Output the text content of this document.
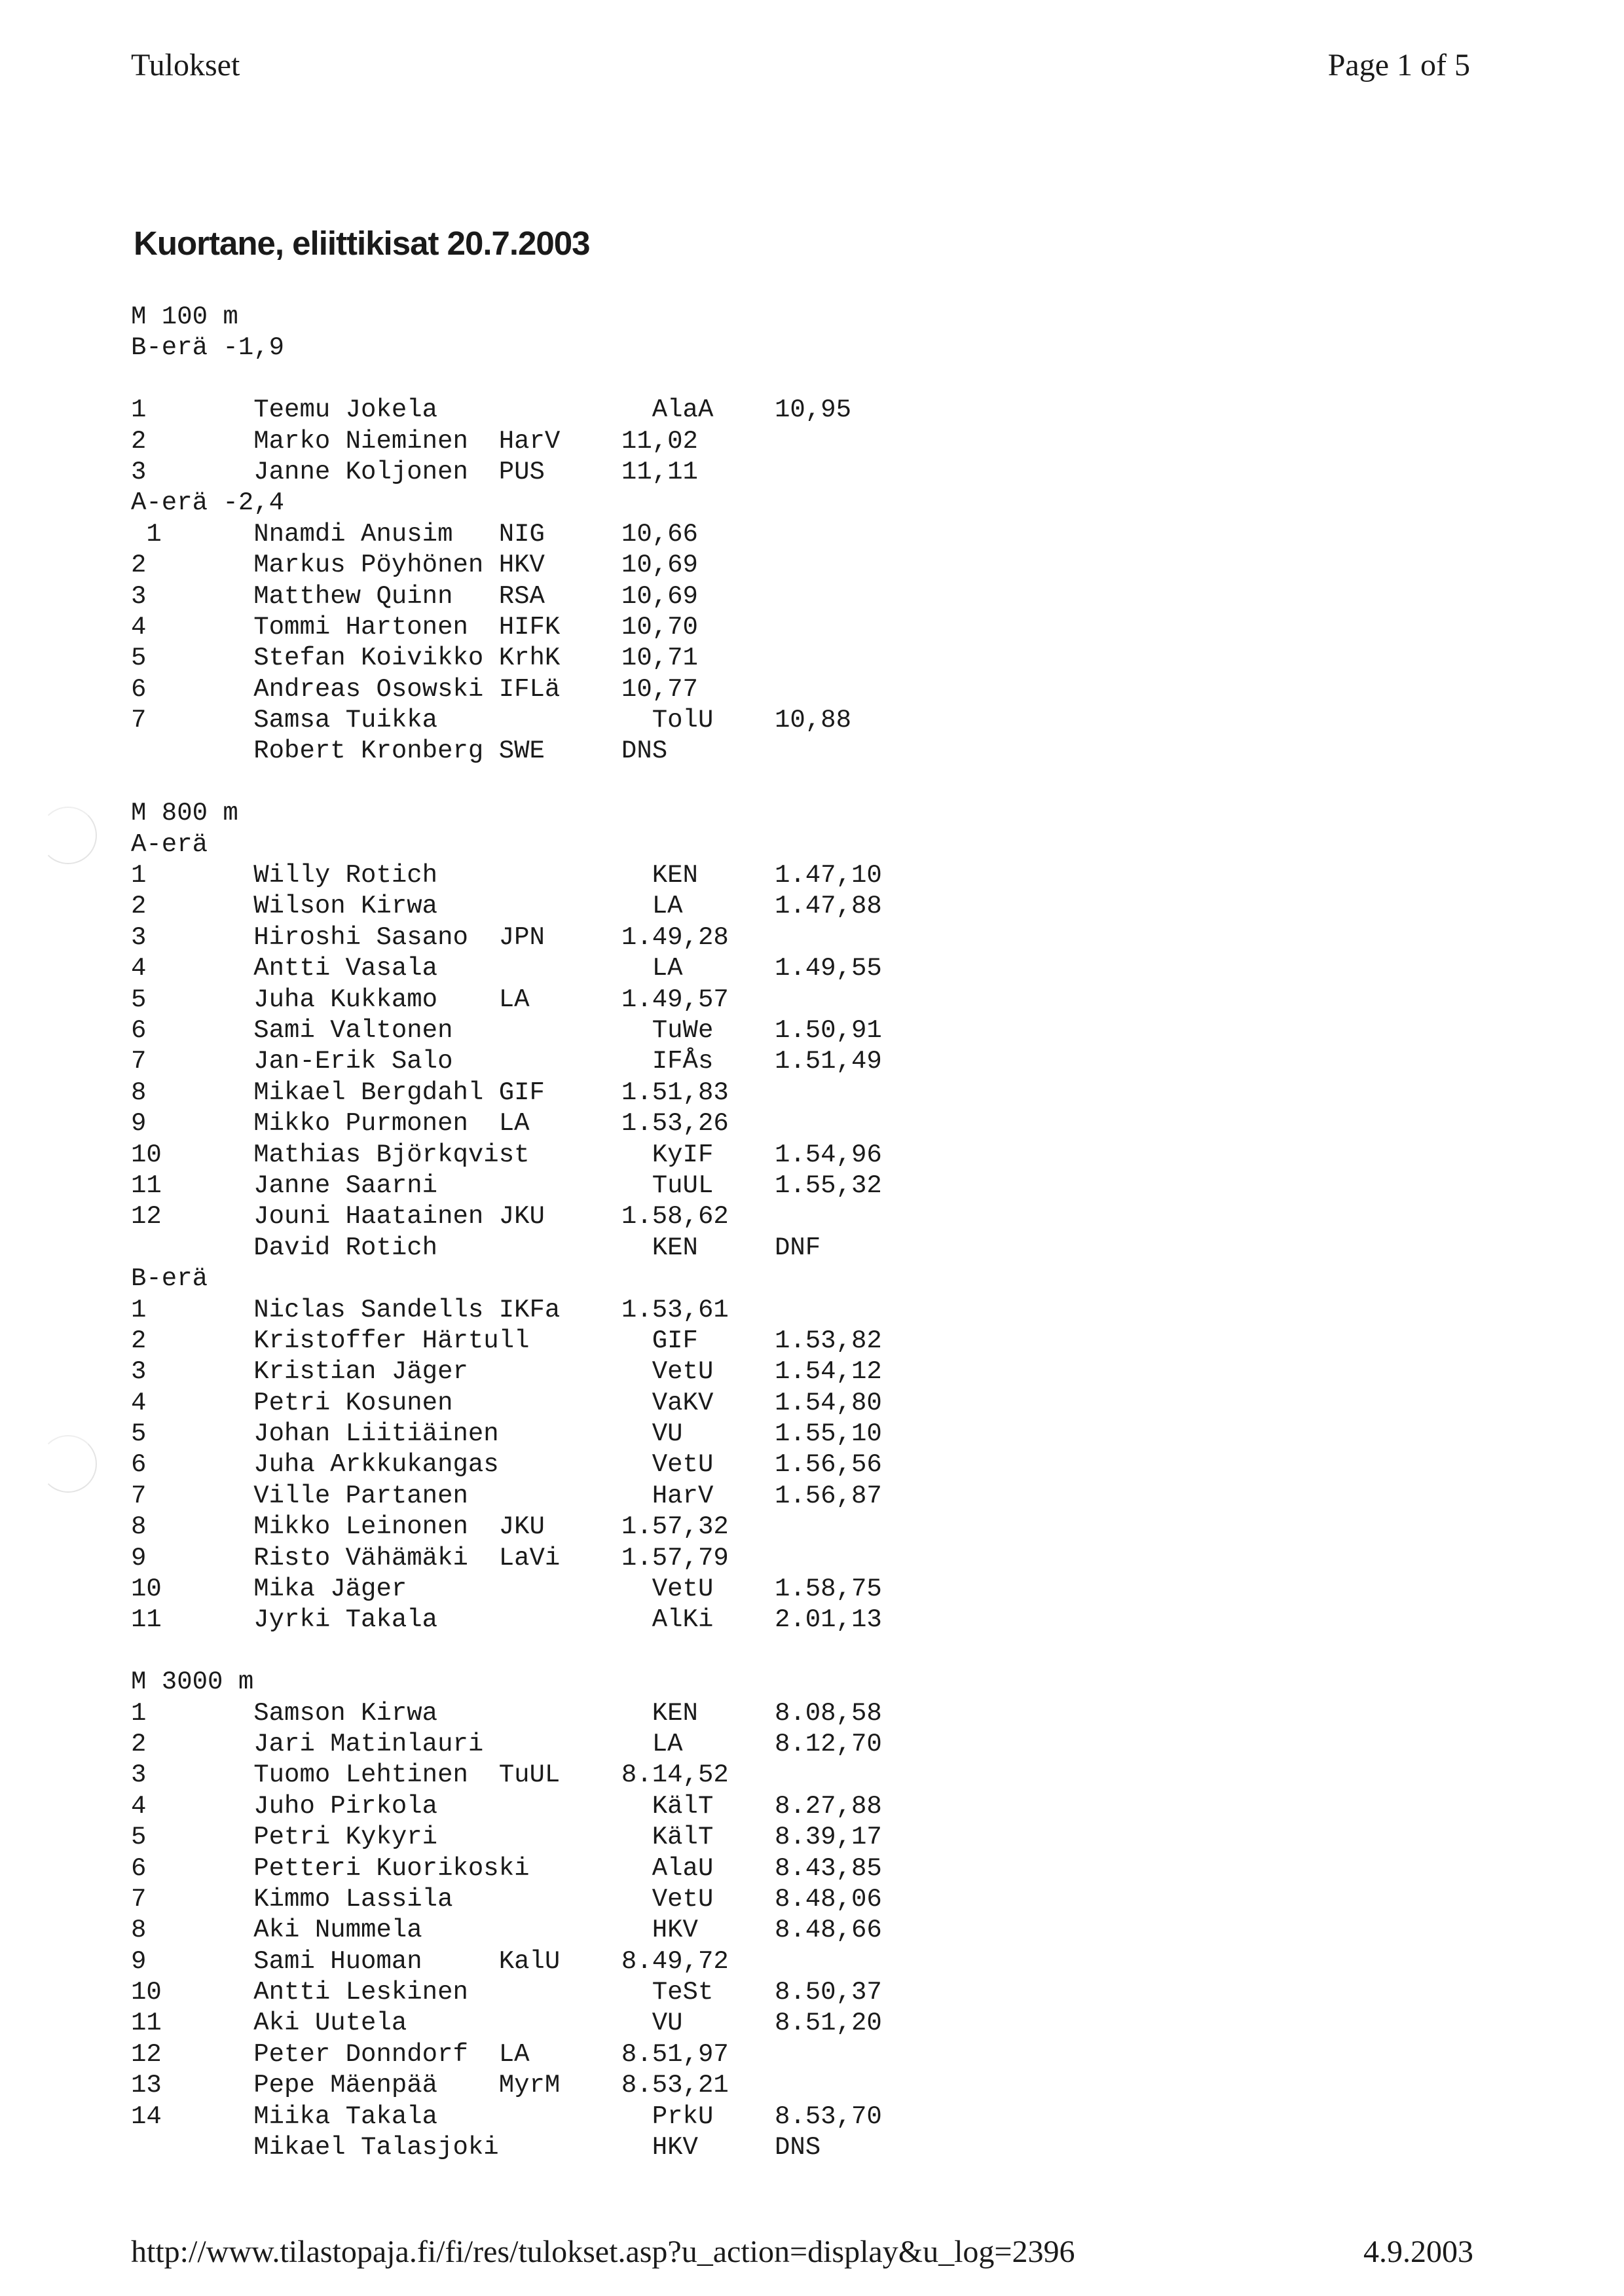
Tulokset	Page 1 of 5
Kuortane, eliittikisat 20.7.2003
M 100 m
B-erä -1,9
1       Teemu Jokela              AlaA    10,95
2       Marko Nieminen  HarV    11,02
3       Janne Koljonen  PUS     11,11
A-erä -2,4
1      Nnamdi Anusim   NIG     10,66
2       Markus Pöyhönen HKV     10,69
3       Matthew Quinn   RSA     10,69
4       Tommi Hartonen  HIFK    10,70
5       Stefan Koivikko KrhK    10,71
6       Andreas Osowski IFLä    10,77
7       Samsa Tuikka              TolU    10,88
Robert Kronberg SWE     DNS
M 800 m
A-erä
1       Willy Rotich              KEN     1.47,10
2       Wilson Kirwa              LA      1.47,88
3       Hiroshi Sasano  JPN     1.49,28
4       Antti Vasala              LA      1.49,55
5       Juha Kukkamo    LA      1.49,57
6       Sami Valtonen             TuWe    1.50,91
7       Jan-Erik Salo             IFÅs    1.51,49
8       Mikael Bergdahl GIF     1.51,83
9       Mikko Purmonen  LA      1.53,26
10      Mathias Björkqvist        KyIF    1.54,96
11      Janne Saarni              TuUL    1.55,32
12      Jouni Haatainen JKU     1.58,62
David Rotich              KEN     DNF
B-erä
1       Niclas Sandells IKFa    1.53,61
2       Kristoffer Härtull        GIF     1.53,82
3       Kristian Jäger            VetU    1.54,12
4       Petri Kosunen             VaKV    1.54,80
5       Johan Liitiäinen          VU      1.55,10
6       Juha Arkkukangas          VetU    1.56,56
7       Ville Partanen            HarV    1.56,87
8       Mikko Leinonen  JKU     1.57,32
9       Risto Vähämäki  LaVi    1.57,79
10      Mika Jäger                VetU    1.58,75
11      Jyrki Takala              AlKi    2.01,13
M 3000 m
1       Samson Kirwa              KEN     8.08,58
2       Jari Matinlauri           LA      8.12,70
3       Tuomo Lehtinen  TuUL    8.14,52
4       Juho Pirkola              KälT    8.27,88
5       Petri Kykyri              KälT    8.39,17
6       Petteri Kuorikoski        AlaU    8.43,85
7       Kimmo Lassila             VetU    8.48,06
8       Aki Nummela               HKV     8.48,66
9       Sami Huoman     KalU    8.49,72
10      Antti Leskinen            TeSt    8.50,37
11      Aki Uutela                VU      8.51,20
12      Peter Donndorf  LA      8.51,97
13      Pepe Mäenpää    MyrM    8.53,21
14      Miika Takala              PrkU    8.53,70
Mikael Talasjoki          HKV     DNS
http://www.tilastopaja.fi/fi/res/tulokset.asp?u_action=display&u_log=2396	4.9.2003
